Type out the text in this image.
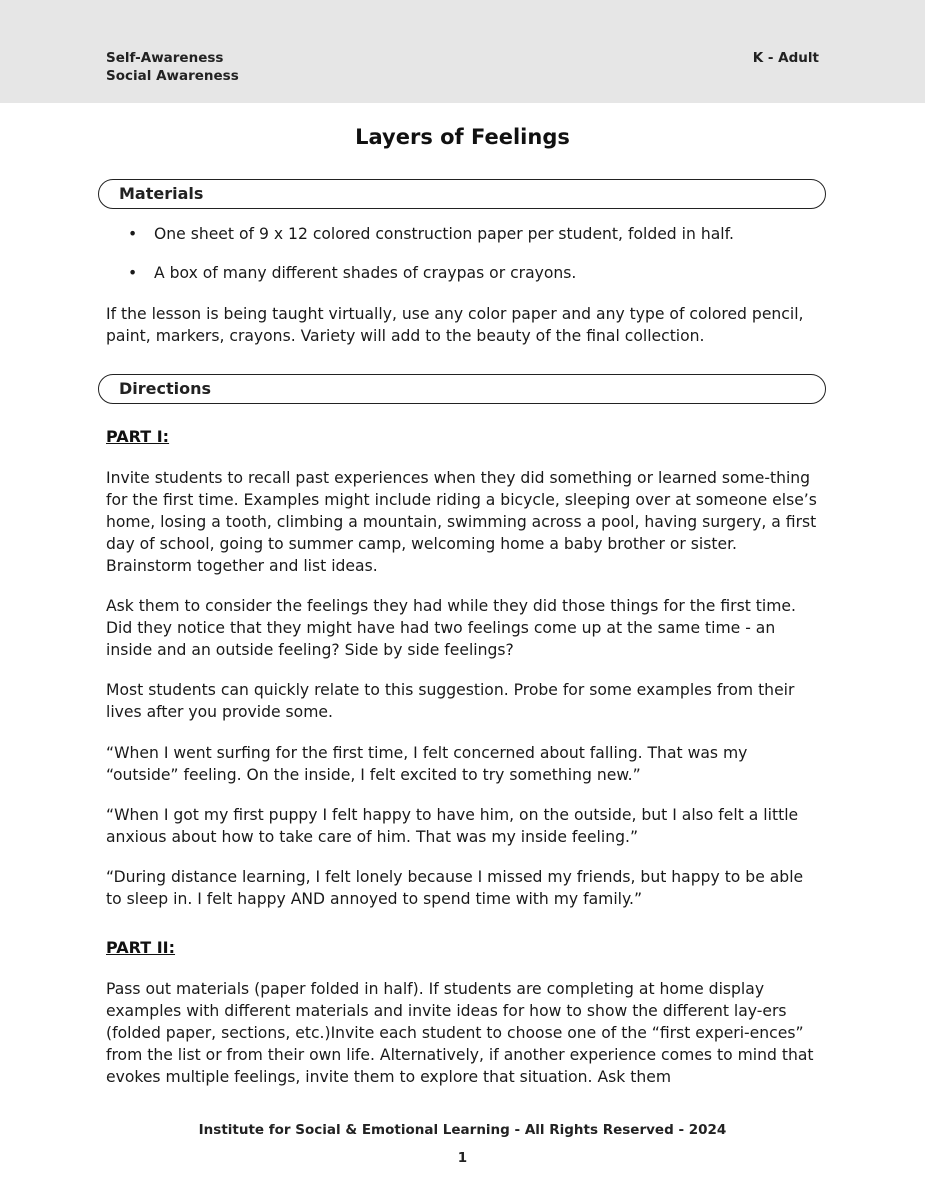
Self-Awareness
Social Awareness
K - Adult
Layers of Feelings
Materials
• One sheet of 9 x 12 colored construction paper per student, folded in half.
• A box of many different shades of craypas or crayons.

If the lesson is being taught virtually, use any color paper and any type of colored pencil, paint, markers, crayons. Variety will add to the beauty of the final collection.

Directions
PART I:

Invite students to recall past experiences when they did something or learned some-thing for the first time. Examples might include riding a bicycle, sleeping over at someone else’s home, losing a tooth, climbing a mountain, swimming across a pool, having surgery, a first day of school, going to summer camp, welcoming home a baby brother or sister. Brainstorm together and list ideas.

Ask them to consider the feelings they had while they did those things for the first time. Did they notice that they might have had two feelings come up at the same time - an inside and an outside feeling? Side by side feelings?

Most students can quickly relate to this suggestion. Probe for some examples from their lives after you provide some.

“When I went surfing for the first time, I felt concerned about falling. That was my “outside” feeling. On the inside, I felt excited to try something new.”

“When I got my first puppy I felt happy to have him, on the outside, but I also felt a little anxious about how to take care of him. That was my inside feeling.”

“During distance learning, I felt lonely because I missed my friends, but happy to be able to sleep in. I felt happy AND annoyed to spend time with my family.”

PART II:

Pass out materials (paper folded in half). If students are completing at home display examples with different materials and invite ideas for how to show the different lay-ers (folded paper, sections, etc.)Invite each student to choose one of the “first experi-ences” from the list or from their own life. Alternatively, if another experience comes to mind that evokes multiple feelings, invite them to explore that situation. Ask them

Institute for Social & Emotional Learning - All Rights Reserved - 2024
1
